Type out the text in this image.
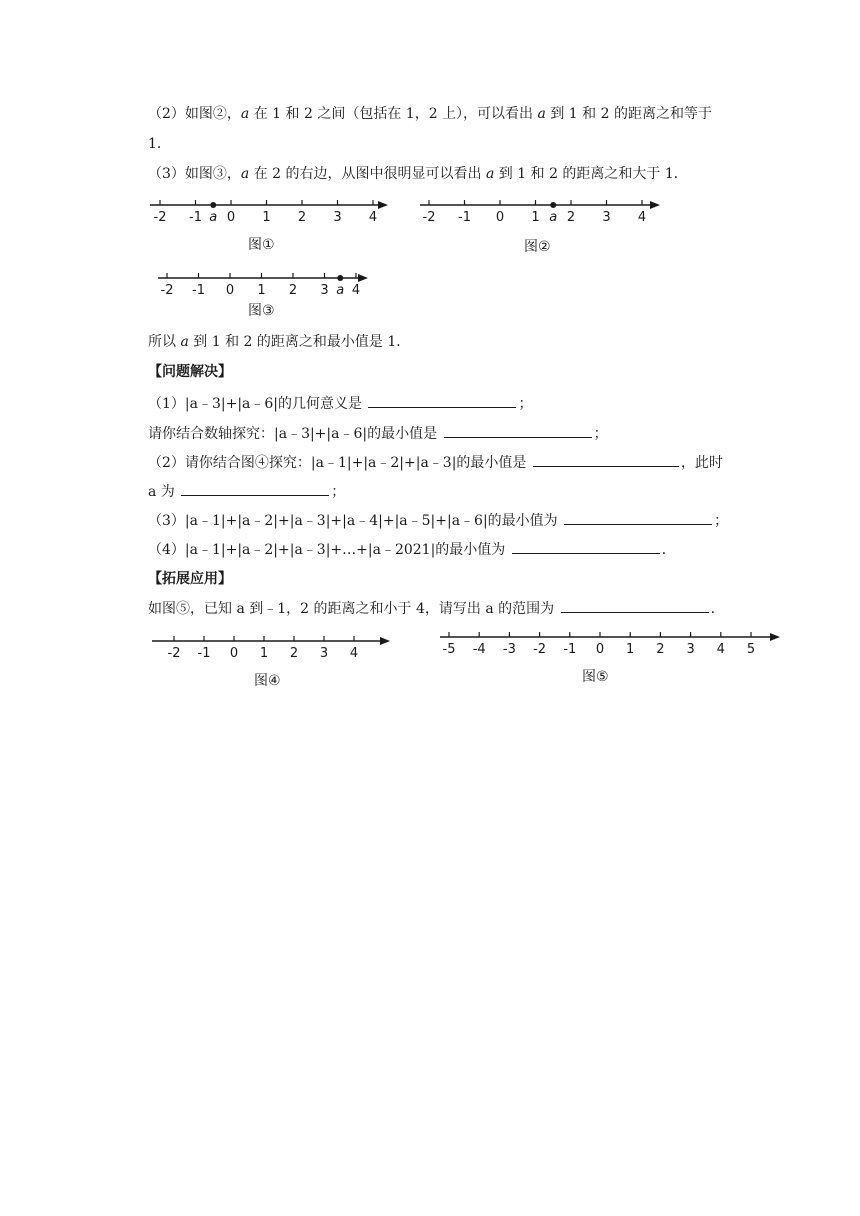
（2）如图②，a 在 1 和 2 之间（包括在 1，2 上），可以看出 a 到 1 和 2 的距离之和等于
1．
（3）如图③，a 在 2 的右边，从图中很明显可以看出 a 到 1 和 2 的距离之和大于 1．
-2 -1 0 1 2 3 4
a
图①
-2 -1 0 1 2 3 4
a
图②
-2 -1 0 1 2 3 4
a
图③
所以 a 到 1 和 2 的距离之和最小值是 1．
【问题解决】
（1）|a﹣3|+|a﹣6|的几何意义是	；
请你结合数轴探究：|a﹣3|+|a﹣6|的最小值是	；
（2）请你结合图④探究：|a﹣1|+|a﹣2|+|a﹣3|的最小值是	，此时
a 为	；
（3）|a﹣1|+|a﹣2|+|a﹣3|+|a﹣4|+|a﹣5|+|a﹣6|的最小值为	；
（4）|a﹣1|+|a﹣2|+|a﹣3|+…+|a﹣2021|的最小值为	．
【拓展应用】
如图⑤，已知 a 到﹣1，2 的距离之和小于 4，请写出 a 的范围为	．
-2 -1 0 1 2 3 4
图④
-5 -4 -3 -2 -1 0 1 2 3 4 5
图⑤
